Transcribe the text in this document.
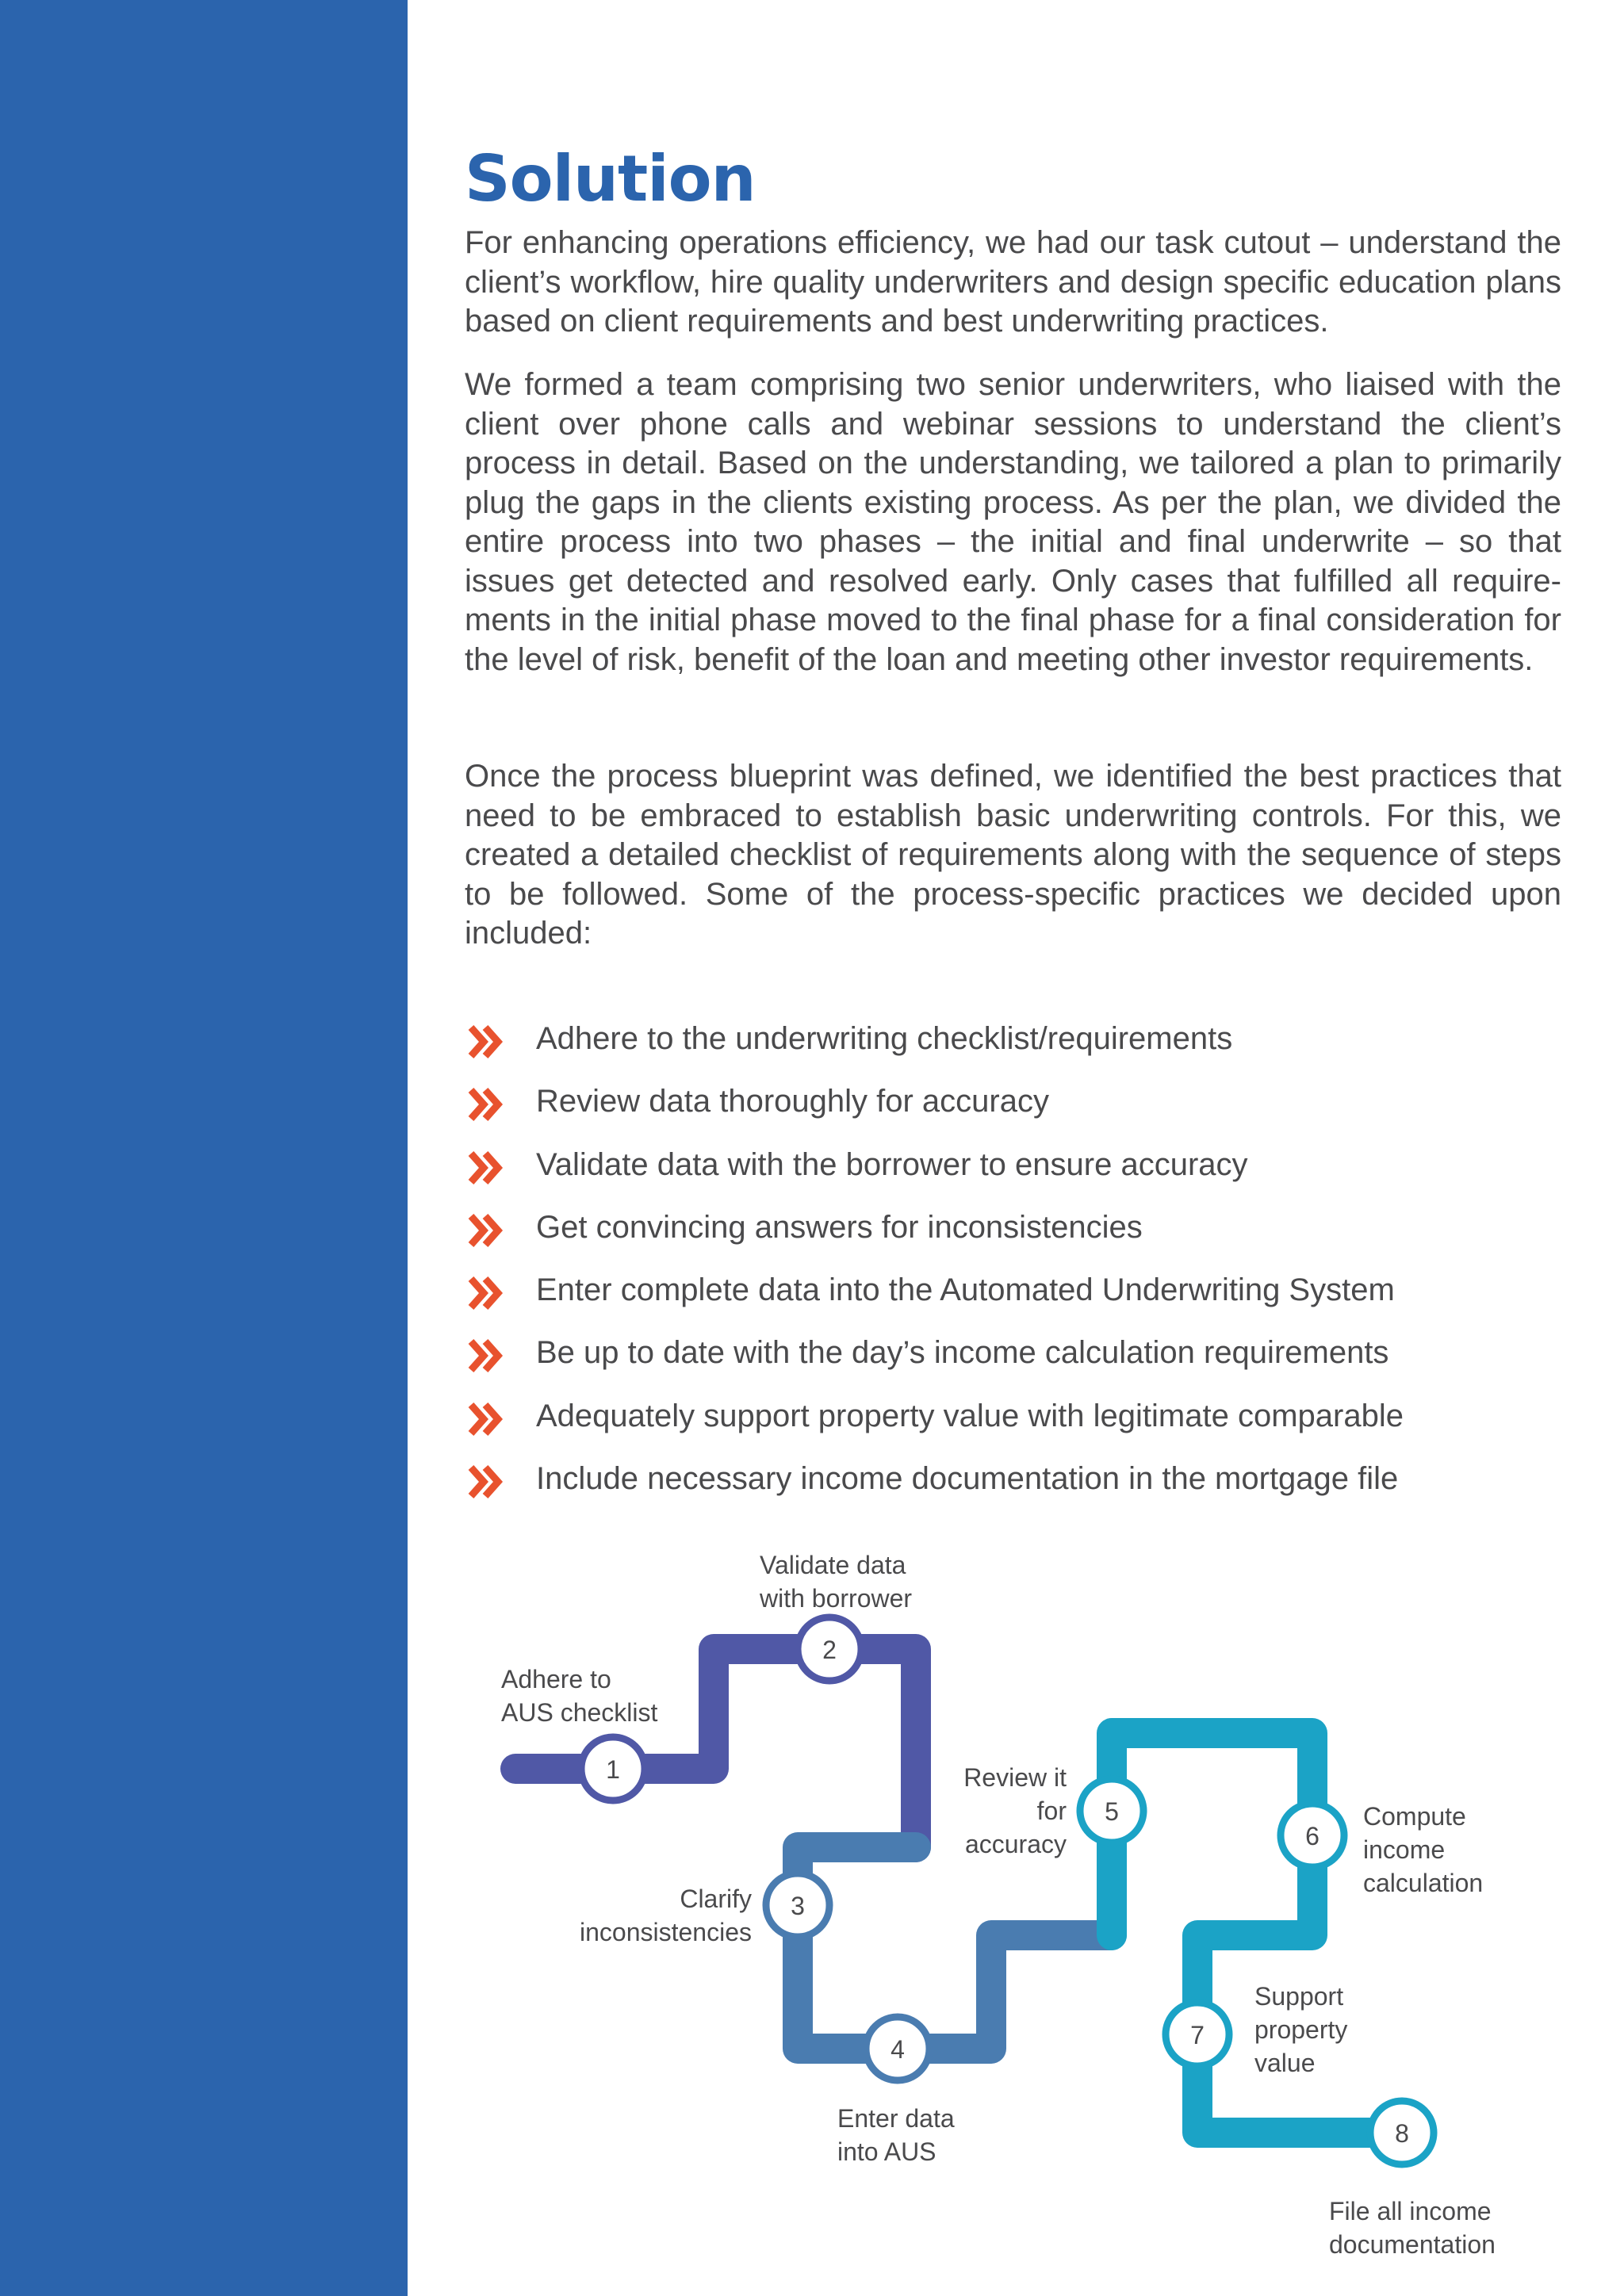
Solution

For enhancing operations efficiency, we had our task cutout – understand the client’s workflow, hire quality underwriters and design specific education plans based on client requirements and best underwriting practices.

We formed a team comprising two senior underwriters, who liaised with the client over phone calls and webinar sessions to understand the client’s process in detail. Based on the understanding, we tailored a plan to primarily plug the gaps in the clients existing process. As per the plan, we divided the entire process into two phases – the initial and final underwrite – so that issues get detected and resolved early. Only cases that fulfilled all requirements in the initial phase moved to the final phase for a final consideration for the level of risk, benefit of the loan and meeting other investor requirements.

Once the process blueprint was defined, we identified the best practices that need to be embraced to establish basic underwriting controls. For this, we created a detailed checklist of requirements along with the sequence of steps to be followed. Some of the process-specific practices we decided upon included:

Adhere to the underwriting checklist/requirements
Review data thoroughly for accuracy
Validate data with the borrower to ensure accuracy
Get convincing answers for inconsistencies
Enter complete data into the Automated Underwriting System
Be up to date with the day’s income calculation requirements
Adequately support property value with legitimate comparable
Include necessary income documentation in the mortgage file
1
Adhere to
AUS checklist
2
Validate data
with borrower
3
Clarify
inconsistencies
4
Enter data
into AUS
5
Review it
for
accuracy	6
Compute
income
calculation
7
Support
property
value
8
File all income
documentation
